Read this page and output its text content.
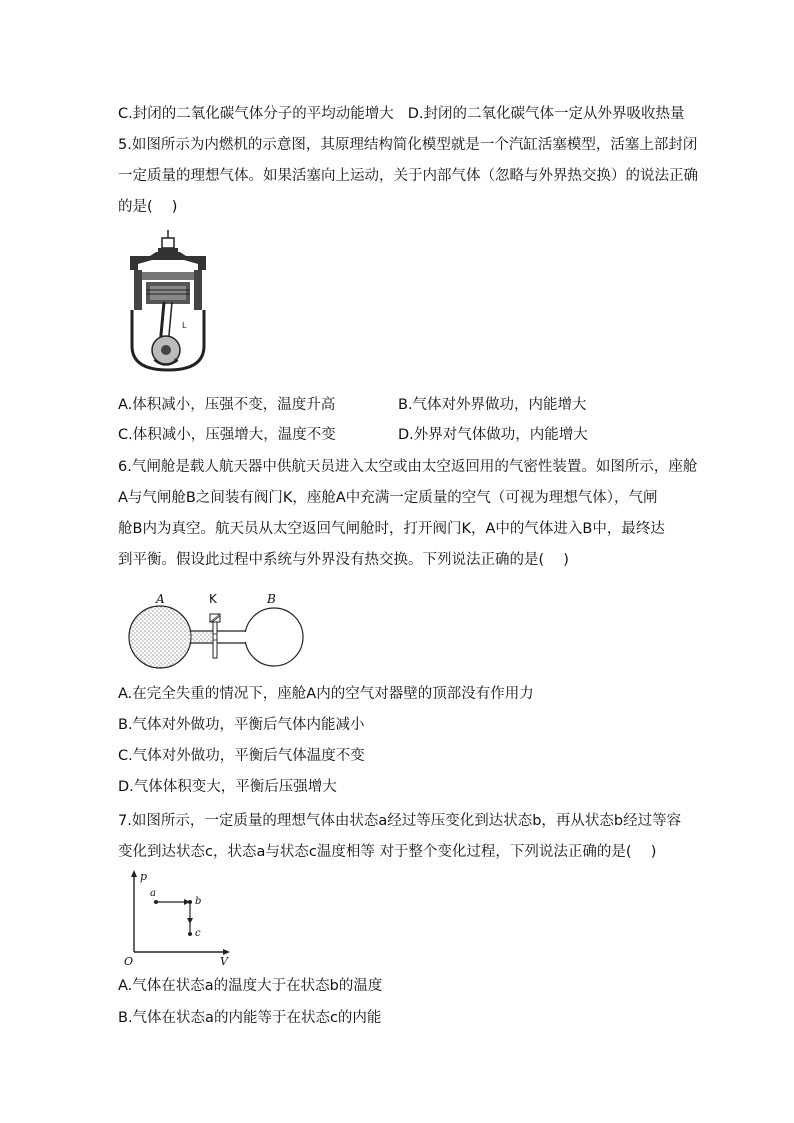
C.封闭的二氧化碳气体分子的平均动能增大 D.封闭的二氧化碳气体一定从外界吸收热量
5.如图所示为内燃机的示意图，其原理结构简化模型就是一个汽缸活塞模型，活塞上部封闭
一定质量的理想气体。如果活塞向上运动，关于内部气体（忽略与外界热交换）的说法正确
的是(　 )
L
A.体积减小，压强不变，温度升高	B.气体对外界做功，内能增大
C.体积减小，压强增大，温度不变	D.外界对气体做功，内能增大
6.气闸舱是载人航天器中供航天员进入太空或由太空返回用的气密性装置。如图所示，座舱
A与气闸舱B之间装有阀门K，座舱A中充满一定质量的空气（可视为理想气体），气闸
舱B内为真空。航天员从太空返回气闸舱时，打开阀门K，A中的气体进入B中，最终达
到平衡。假设此过程中系统与外界没有热交换。下列说法正确的是(　 )
A	K	B
A.在完全失重的情况下，座舱A内的空气对器壁的顶部没有作用力
B.气体对外做功，平衡后气体内能减小
C.气体对外做功，平衡后气体温度不变
D.气体体积变大，平衡后压强增大
7.如图所示，一定质量的理想气体由状态a经过等压变化到达状态b，再从状态b经过等容
变化到达状态c，状态a与状态c温度相等 对于整个变化过程，下列说法正确的是(　 )
p
V
O
a
b
c
A.气体在状态a的温度大于在状态b的温度
B.气体在状态a的内能等于在状态c的内能
